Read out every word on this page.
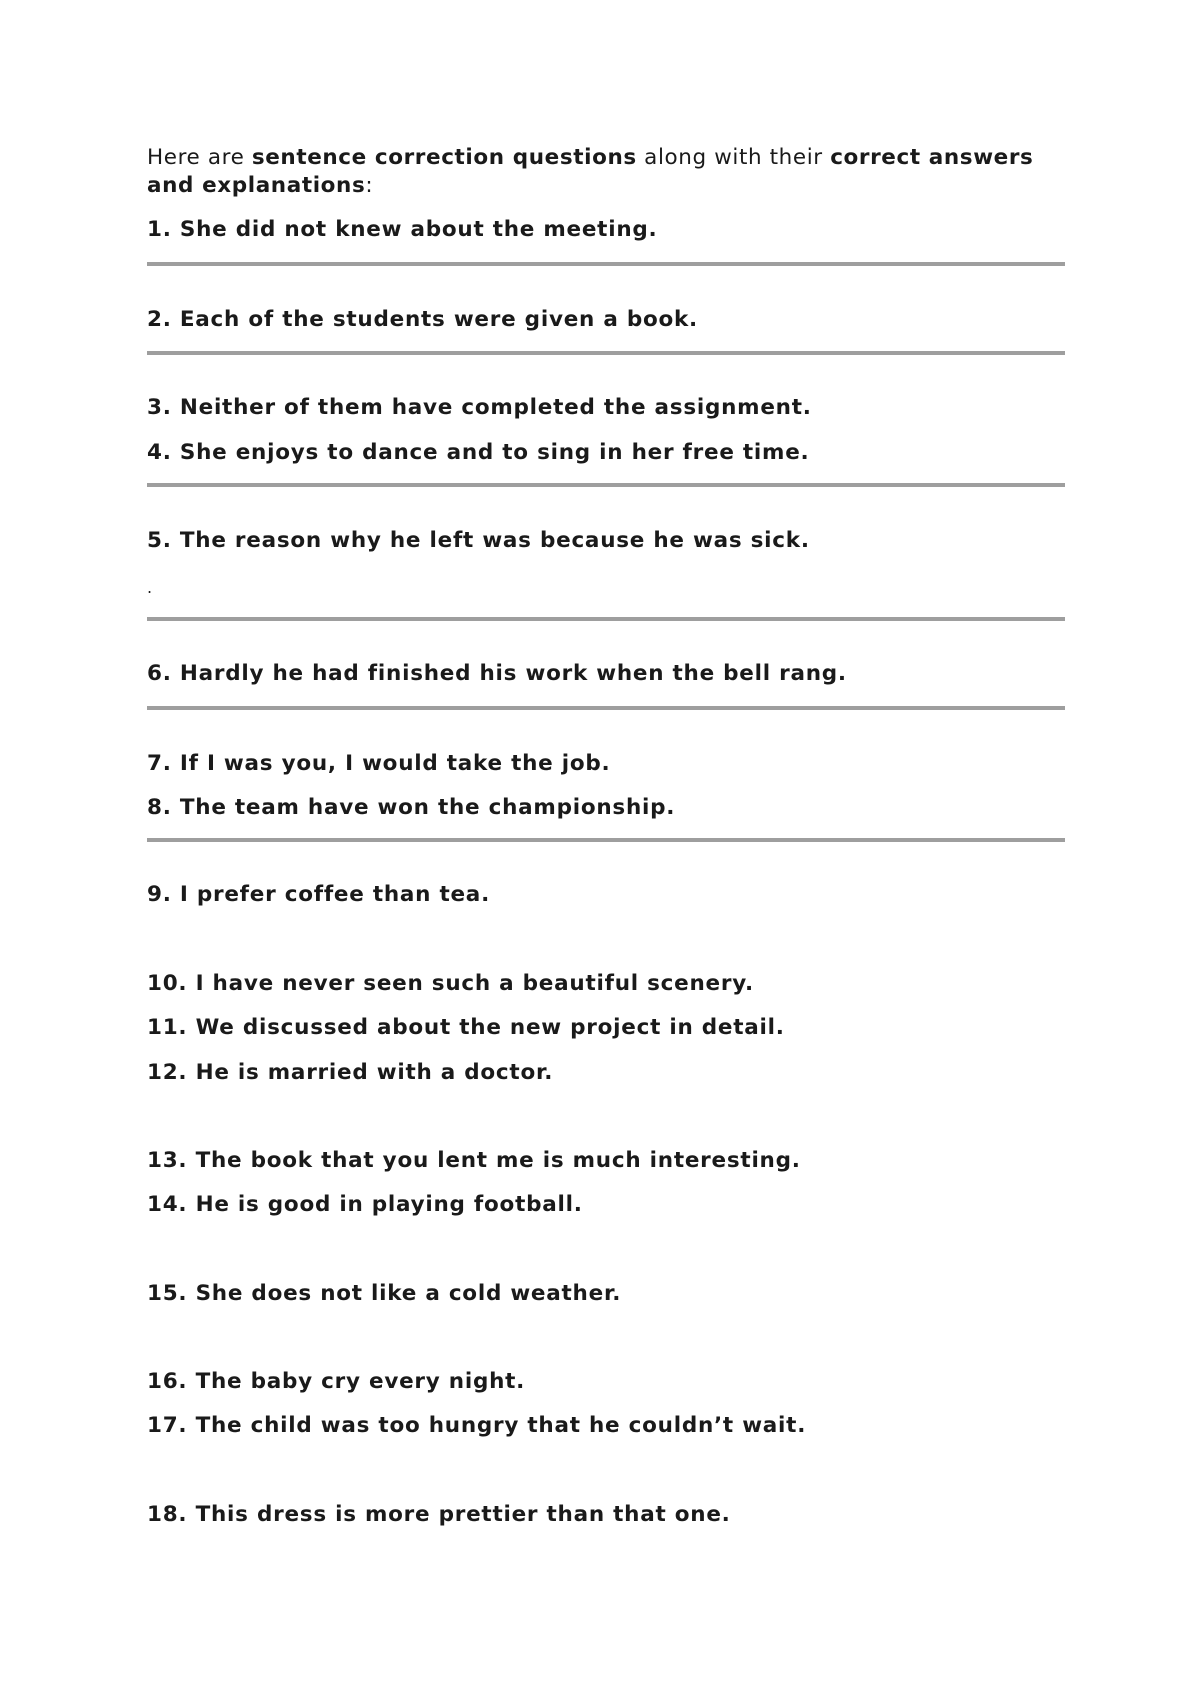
Here are sentence correction questions along with their correct answers and explanations:
1. She did not knew about the meeting.
2. Each of the students were given a book.
3. Neither of them have completed the assignment.
4. She enjoys to dance and to sing in her free time.
5. The reason why he left was because he was sick.
.
6. Hardly he had finished his work when the bell rang.
7. If I was you, I would take the job.
8. The team have won the championship.
9. I prefer coffee than tea.
10. I have never seen such a beautiful scenery.
11. We discussed about the new project in detail.
12. He is married with a doctor.
13. The book that you lent me is much interesting.
14. He is good in playing football.
15. She does not like a cold weather.
16. The baby cry every night.
17. The child was too hungry that he couldn’t wait.
18. This dress is more prettier than that one.
